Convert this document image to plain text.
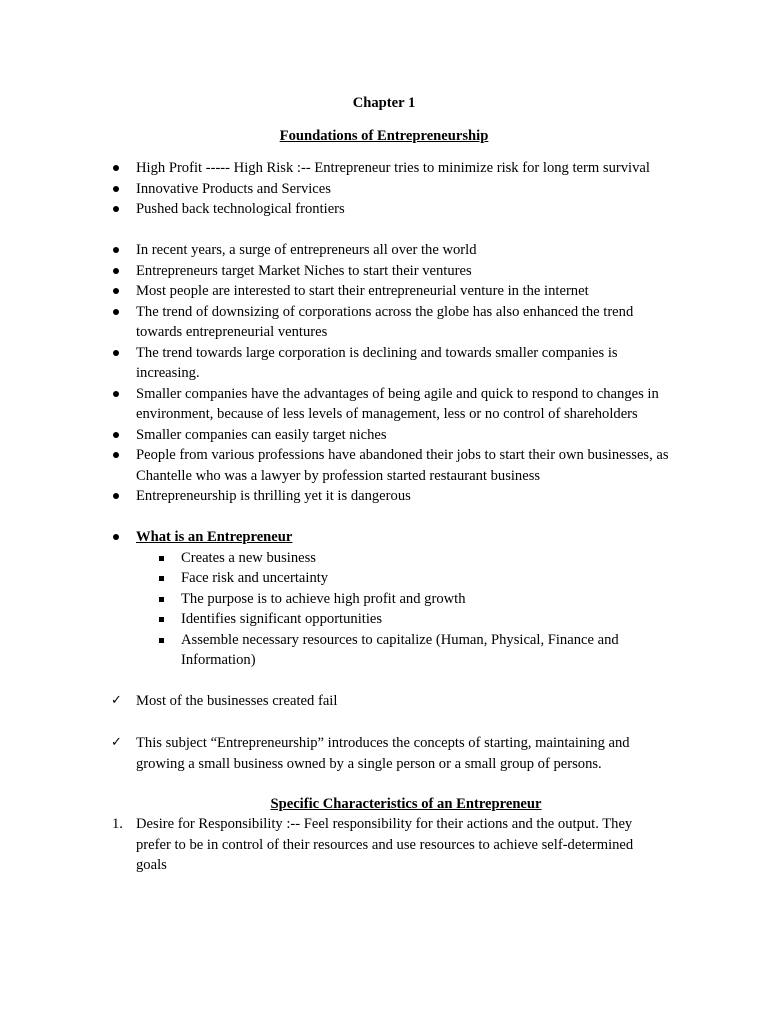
Chapter 1

Foundations of Entrepreneurship

High Profit ----- High Risk :-- Entrepreneur tries to minimize risk for long term survival
Innovative Products and Services
Pushed back technological frontiers
In recent years, a surge of entrepreneurs all over the world
Entrepreneurs target Market Niches to start their ventures
Most people are interested to start their entrepreneurial venture in the internet
The trend of downsizing of corporations across the globe has also enhanced the trend towards entrepreneurial ventures
The trend towards large corporation is declining and towards smaller companies is increasing.
Smaller companies have the advantages of being agile and quick to respond to changes in environment, because of less levels of management, less or no control of shareholders
Smaller companies can easily target niches
People from various professions have abandoned their jobs to start their own businesses, as Chantelle who was a lawyer by profession started restaurant business
Entrepreneurship is thrilling yet it is dangerous
What is an Entrepreneur
Creates a new business
Face risk and uncertainty
The purpose is to achieve high profit and growth
Identifies significant opportunities
Assemble necessary resources to capitalize (Human, Physical, Finance and Information)
✓ Most of the businesses created fail
✓ This subject “Entrepreneurship” introduces the concepts of starting, maintaining and growing a small business owned by a single person or a small group of persons.

Specific Characteristics of an Entrepreneur

1. Desire for Responsibility :-- Feel responsibility for their actions and the output. They prefer to be in control of their resources and use resources to achieve self-determined goals
